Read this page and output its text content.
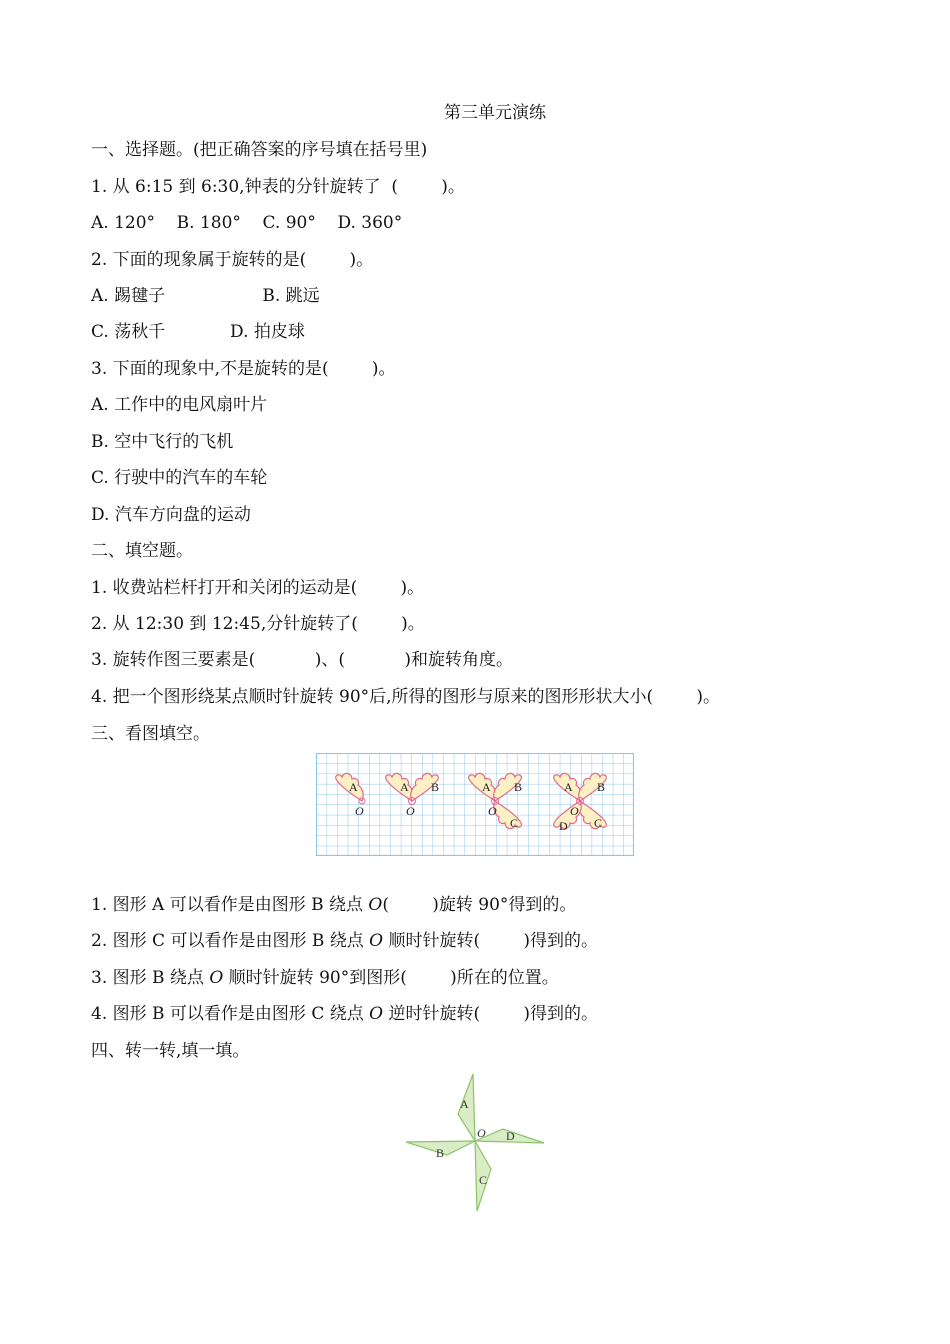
第三单元演练
一、选择题。(把正确答案的序号填在括号里)
1. 从 6:15 到 6:30,钟表的分针旋转了  (        )。
A. 120°    B. 180°    C. 90°    D. 360°
2. 下面的现象属于旋转的是(        )。
A. 踢毽子                  B. 跳远
C. 荡秋千            D. 拍皮球
3. 下面的现象中,不是旋转的是(        )。
A. 工作中的电风扇叶片
B. 空中飞行的飞机
C. 行驶中的汽车的车轮
D. 汽车方向盘的运动
二、填空题。
1. 收费站栏杆打开和关闭的运动是(        )。
2. 从 12:30 到 12:45,分针旋转了(        )。
3. 旋转作图三要素是(           )、(           )和旋转角度。
4. 把一个图形绕某点顺时针旋转 90°后,所得的图形与原来的图形形状大小(        )。
三、看图填空。
A
O
A B
O
A B
O
C
A B
O
D C
1. 图形 A 可以看作是由图形 B 绕点 O(        )旋转 90°得到的。
2. 图形 C 可以看作是由图形 B 绕点 O 顺时针旋转(        )得到的。
3. 图形 B 绕点 O 顺时针旋转 90°到图形(        )所在的位置。
4. 图形 B 可以看作是由图形 C 绕点 O 逆时针旋转(        )得到的。
四、转一转,填一填。
A
D
C
B
O
